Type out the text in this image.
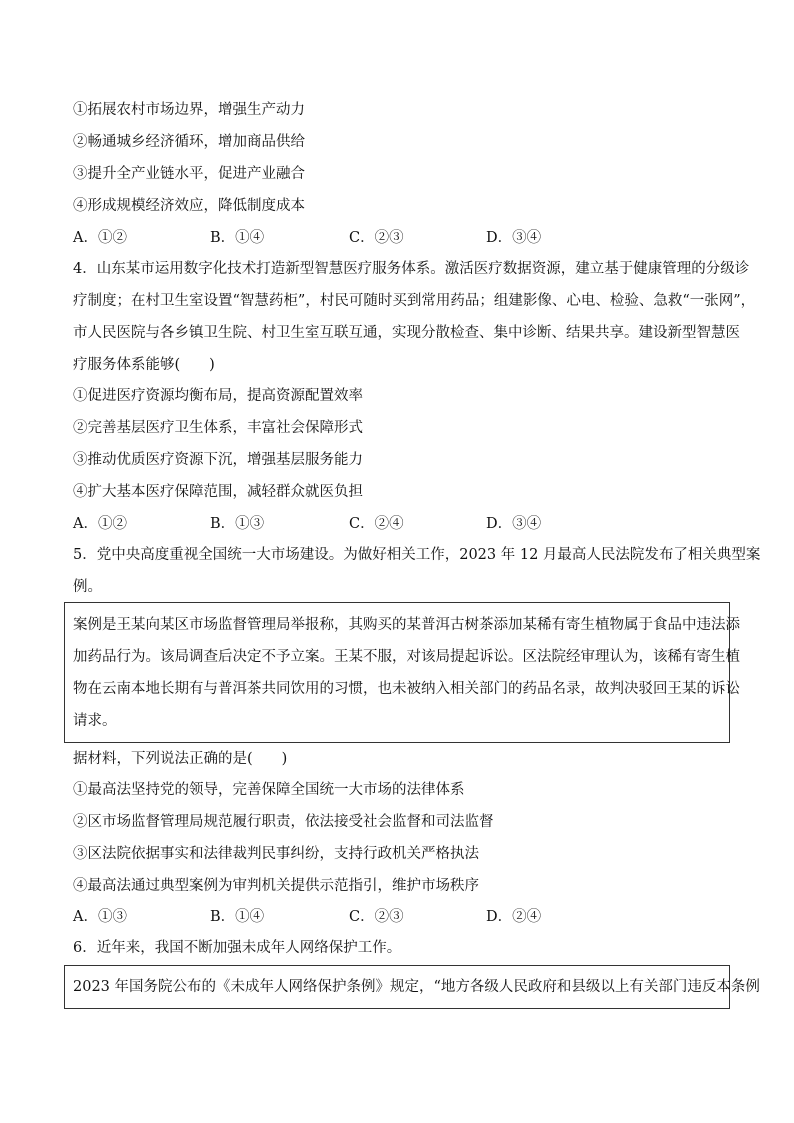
①拓展农村市场边界，增强生产动力
②畅通城乡经济循环，增加商品供给
③提升全产业链水平，促进产业融合
④形成规模经济效应，降低制度成本
A．①②	B．①④	C．②③	D．③④
4．山东某市运用数字化技术打造新型智慧医疗服务体系。激活医疗数据资源，建立基于健康管理的分级诊
疗制度；在村卫生室设置“智慧药柜”，村民可随时买到常用药品；组建影像、心电、检验、急救“一张网”，
市人民医院与各乡镇卫生院、村卫生室互联互通，实现分散检查、集中诊断、结果共享。建设新型智慧医
疗服务体系能够(　　)
①促进医疗资源均衡布局，提高资源配置效率
②完善基层医疗卫生体系，丰富社会保障形式
③推动优质医疗资源下沉，增强基层服务能力
④扩大基本医疗保障范围，减轻群众就医负担
A．①②	B．①③	C．②④	D．③④
5．党中央高度重视全国统一大市场建设。为做好相关工作，2023 年 12 月最高人民法院发布了相关典型案
例。
案例是王某向某区市场监督管理局举报称，其购买的某普洱古树茶添加某稀有寄生植物属于食品中违法添
加药品行为。该局调查后决定不予立案。王某不服，对该局提起诉讼。区法院经审理认为，该稀有寄生植
物在云南本地长期有与普洱茶共同饮用的习惯，也未被纳入相关部门的药品名录，故判决驳回王某的诉讼
请求。
据材料，下列说法正确的是(　　)
①最高法坚持党的领导，完善保障全国统一大市场的法律体系
②区市场监督管理局规范履行职责，依法接受社会监督和司法监督
③区法院依据事实和法律裁判民事纠纷，支持行政机关严格执法
④最高法通过典型案例为审判机关提供示范指引，维护市场秩序
A．①③	B．①④	C．②③	D．②④
6．近年来，我国不断加强未成年人网络保护工作。
2023 年国务院公布的《未成年人网络保护条例》规定，“地方各级人民政府和县级以上有关部门违反本条例
